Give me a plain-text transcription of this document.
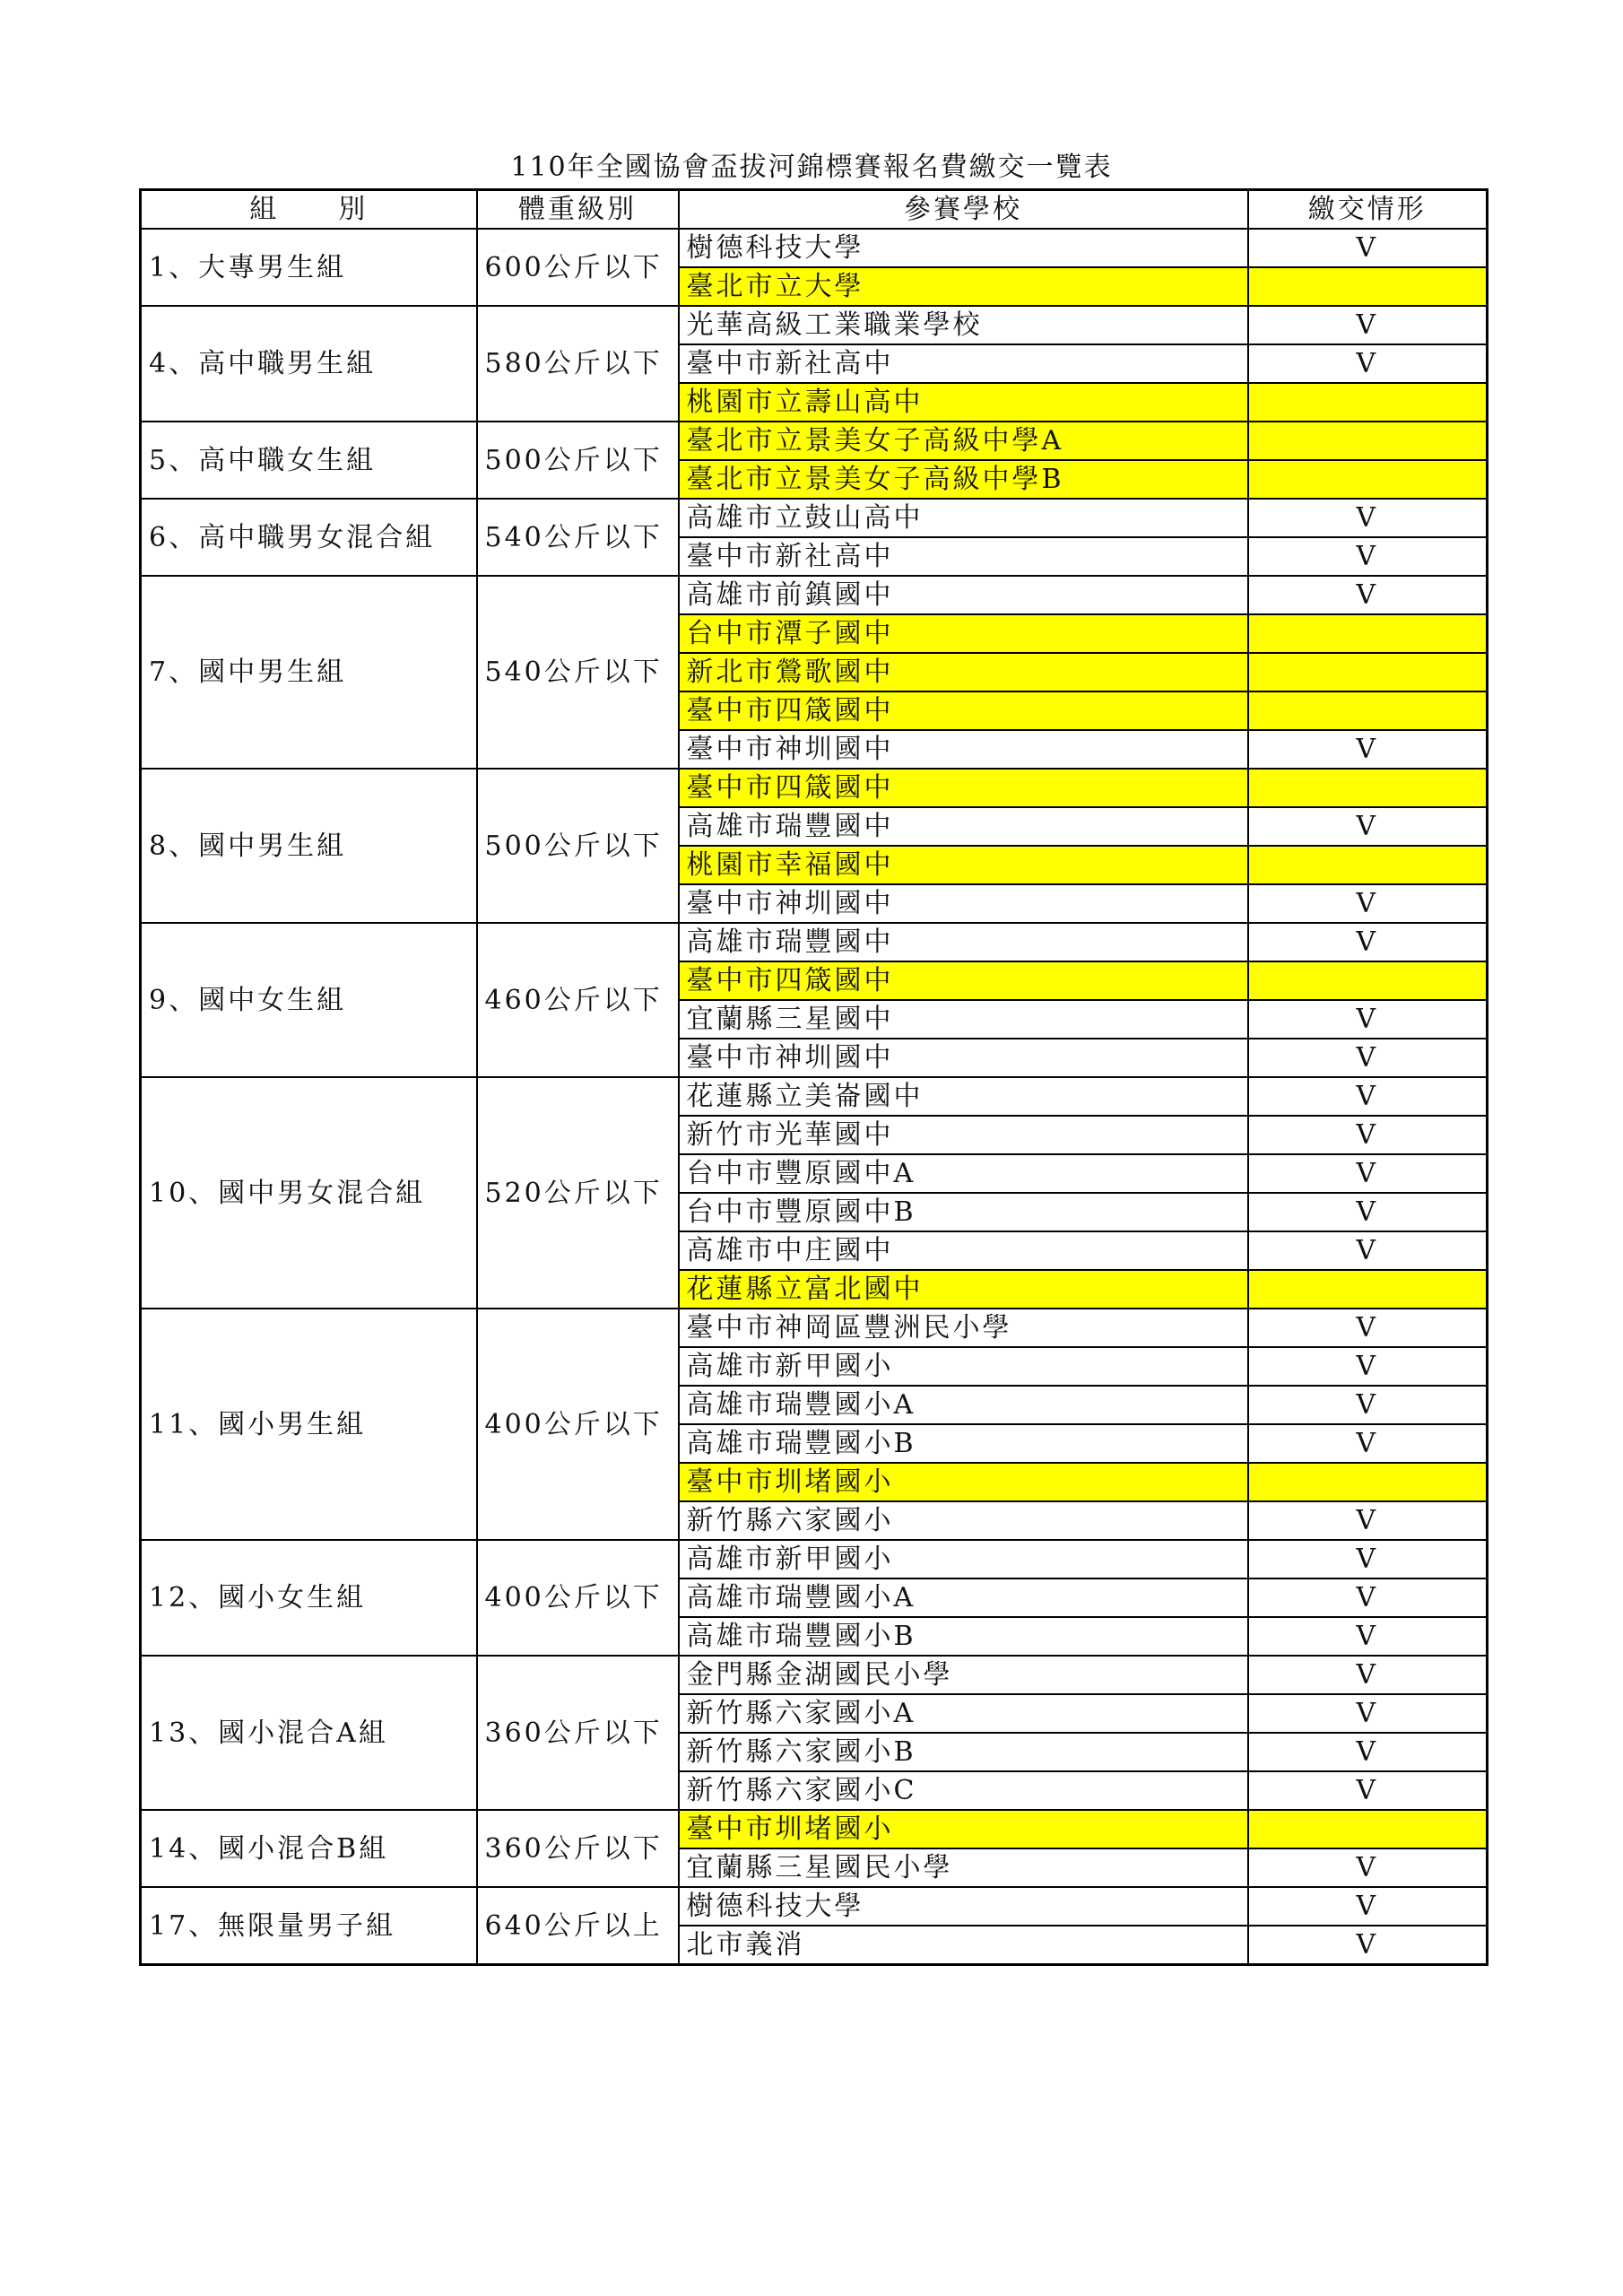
110年全國協會盃拔河錦標賽報名費繳交一覽表
組　　別	體重級別	參賽學校	繳交情形
1、大專男生組	600公斤以下	樹德科技大學	V
		臺北市立大學	
4、高中職男生組	580公斤以下	光華高級工業職業學校	V
		臺中市新社高中	V
		桃園市立壽山高中	
5、高中職女生組	500公斤以下	臺北市立景美女子高級中學A	
		臺北市立景美女子高級中學B	
6、高中職男女混合組	540公斤以下	高雄市立鼓山高中	V
		臺中市新社高中	V
7、國中男生組	540公斤以下	高雄市前鎮國中	V
		台中市潭子國中	
		新北市鶯歌國中	
		臺中市四箴國中	
		臺中市神圳國中	V
8、國中男生組	500公斤以下	臺中市四箴國中	
		高雄市瑞豐國中	V
		桃園市幸福國中	
		臺中市神圳國中	V
9、國中女生組	460公斤以下	高雄市瑞豐國中	V
		臺中市四箴國中	
		宜蘭縣三星國中	V
		臺中市神圳國中	V
10、國中男女混合組	520公斤以下	花蓮縣立美崙國中	V
		新竹市光華國中	V
		台中市豐原國中A	V
		台中市豐原國中B	V
		高雄市中庄國中	V
		花蓮縣立富北國中	
11、國小男生組	400公斤以下	臺中市神岡區豐洲民小學	V
		高雄市新甲國小	V
		高雄市瑞豐國小A	V
		高雄市瑞豐國小B	V
		臺中市圳堵國小	
		新竹縣六家國小	V
12、國小女生組	400公斤以下	高雄市新甲國小	V
		高雄市瑞豐國小A	V
		高雄市瑞豐國小B	V
13、國小混合A組	360公斤以下	金門縣金湖國民小學	V
		新竹縣六家國小A	V
		新竹縣六家國小B	V
		新竹縣六家國小C	V
14、國小混合B組	360公斤以下	臺中市圳堵國小	
		宜蘭縣三星國民小學	V
17、無限量男子組	640公斤以上	樹德科技大學	V
		北市義消	V
